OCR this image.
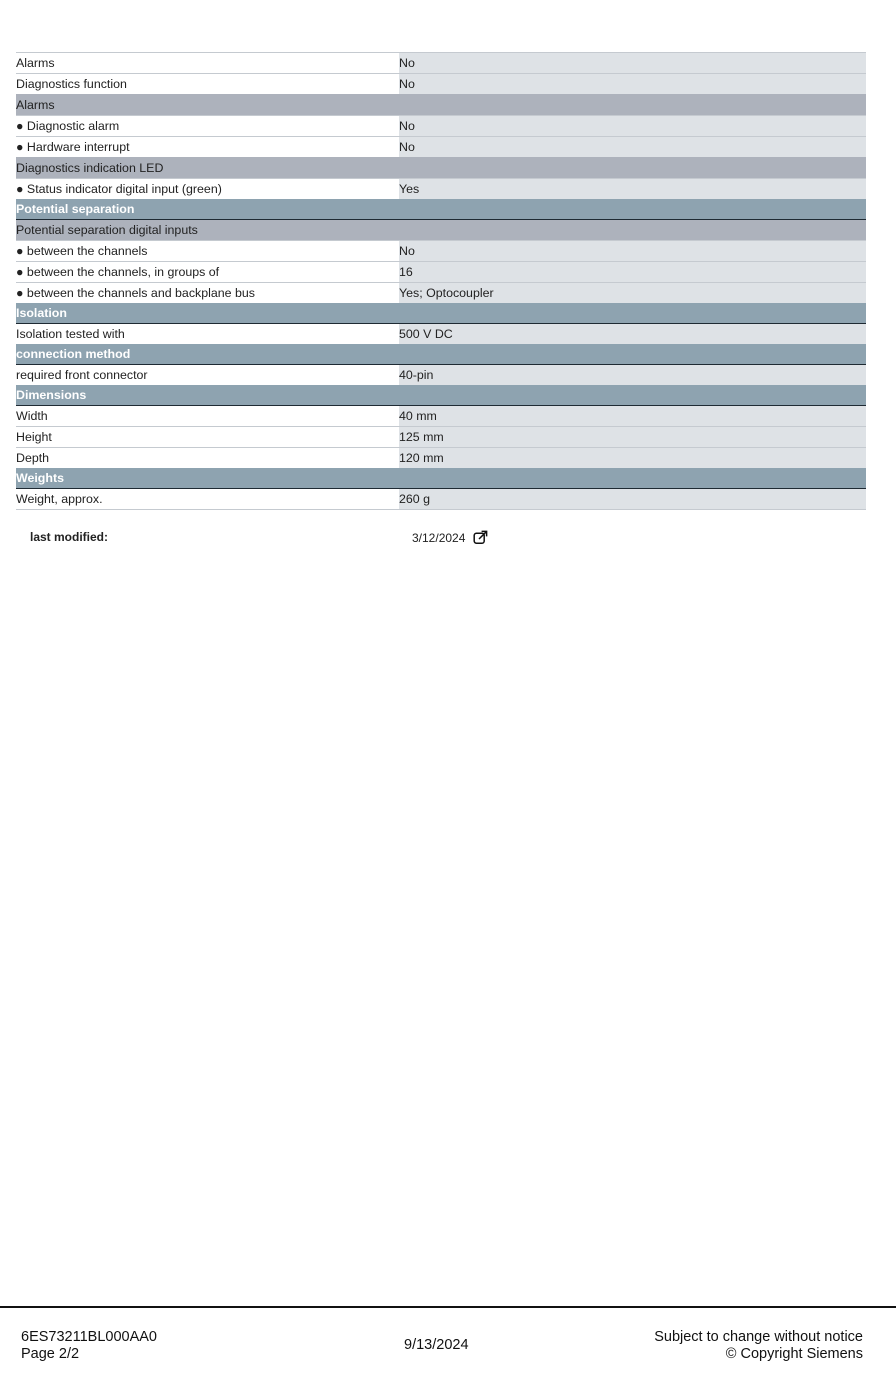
Alarms	No
Diagnostics function	No
Alarms	
● Diagnostic alarm	No
● Hardware interrupt	No
Diagnostics indication LED	
● Status indicator digital input (green)	Yes
Potential separation	
Potential separation digital inputs	
● between the channels	No
● between the channels, in groups of	16
● between the channels and backplane bus	Yes; Optocoupler
Isolation	
Isolation tested with	500 V DC
connection method	
required front connector	40-pin
Dimensions	
Width	40 mm
Height	125 mm
Depth	120 mm
Weights	
Weight, approx.	260 g
last modified:	3/12/2024
6ES73211BL000AA0
Page 2/2
9/13/2024	Subject to change without notice
© Copyright Siemens
